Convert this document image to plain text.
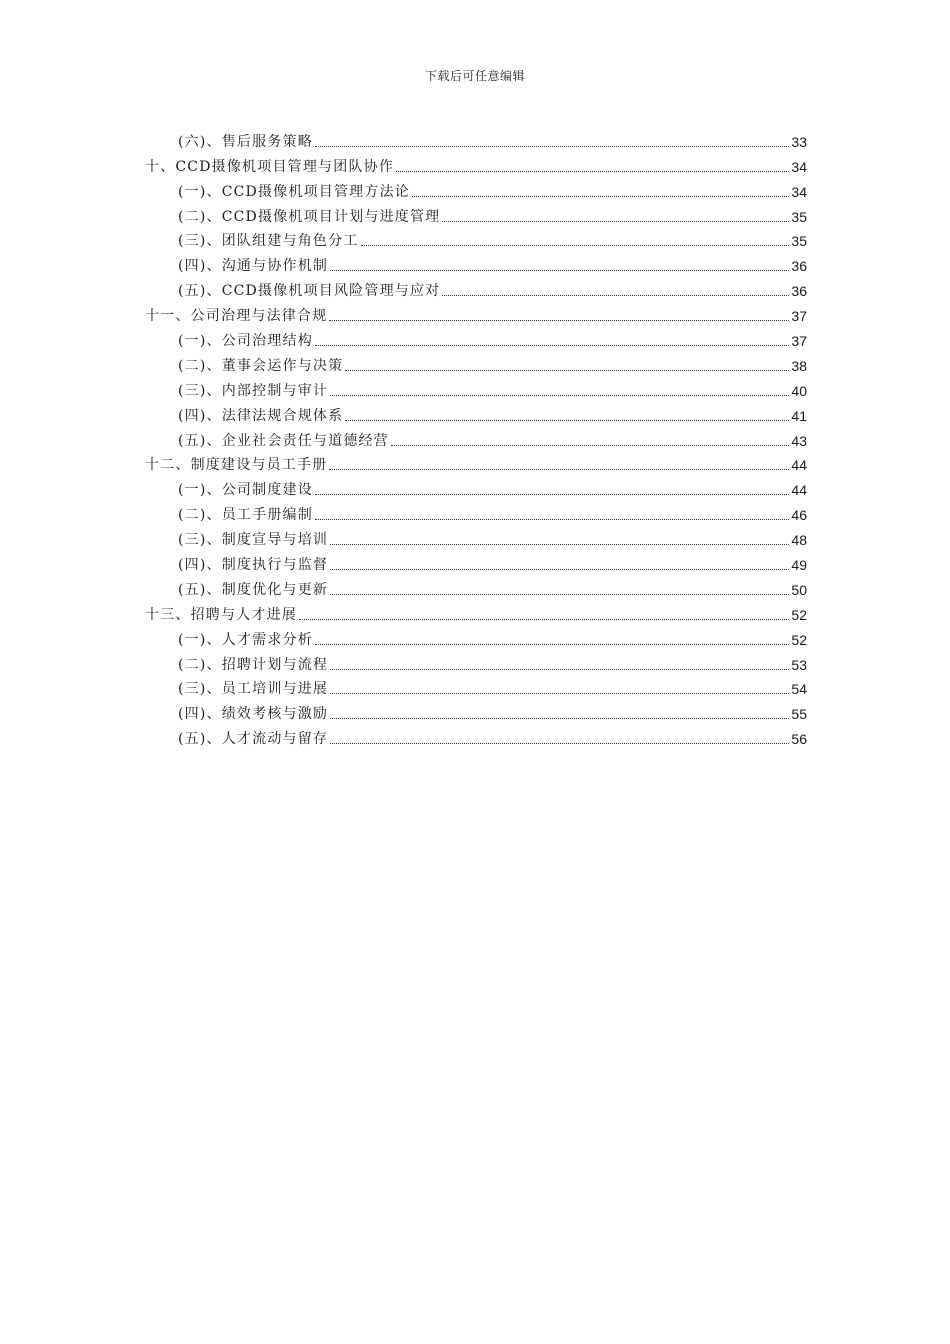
下载后可任意编辑
(六)、售后服务策略	33
十、CCD摄像机项目管理与团队协作	34
(一)、CCD摄像机项目管理方法论	34
(二)、CCD摄像机项目计划与进度管理	35
(三)、团队组建与角色分工	35
(四)、沟通与协作机制	36
(五)、CCD摄像机项目风险管理与应对	36
十一、公司治理与法律合规	37
(一)、公司治理结构	37
(二)、董事会运作与决策	38
(三)、内部控制与审计	40
(四)、法律法规合规体系	41
(五)、企业社会责任与道德经营	43
十二、制度建设与员工手册	44
(一)、公司制度建设	44
(二)、员工手册编制	46
(三)、制度宣导与培训	48
(四)、制度执行与监督	49
(五)、制度优化与更新	50
十三、招聘与人才进展	52
(一)、人才需求分析	52
(二)、招聘计划与流程	53
(三)、员工培训与进展	54
(四)、绩效考核与激励	55
(五)、人才流动与留存	56
